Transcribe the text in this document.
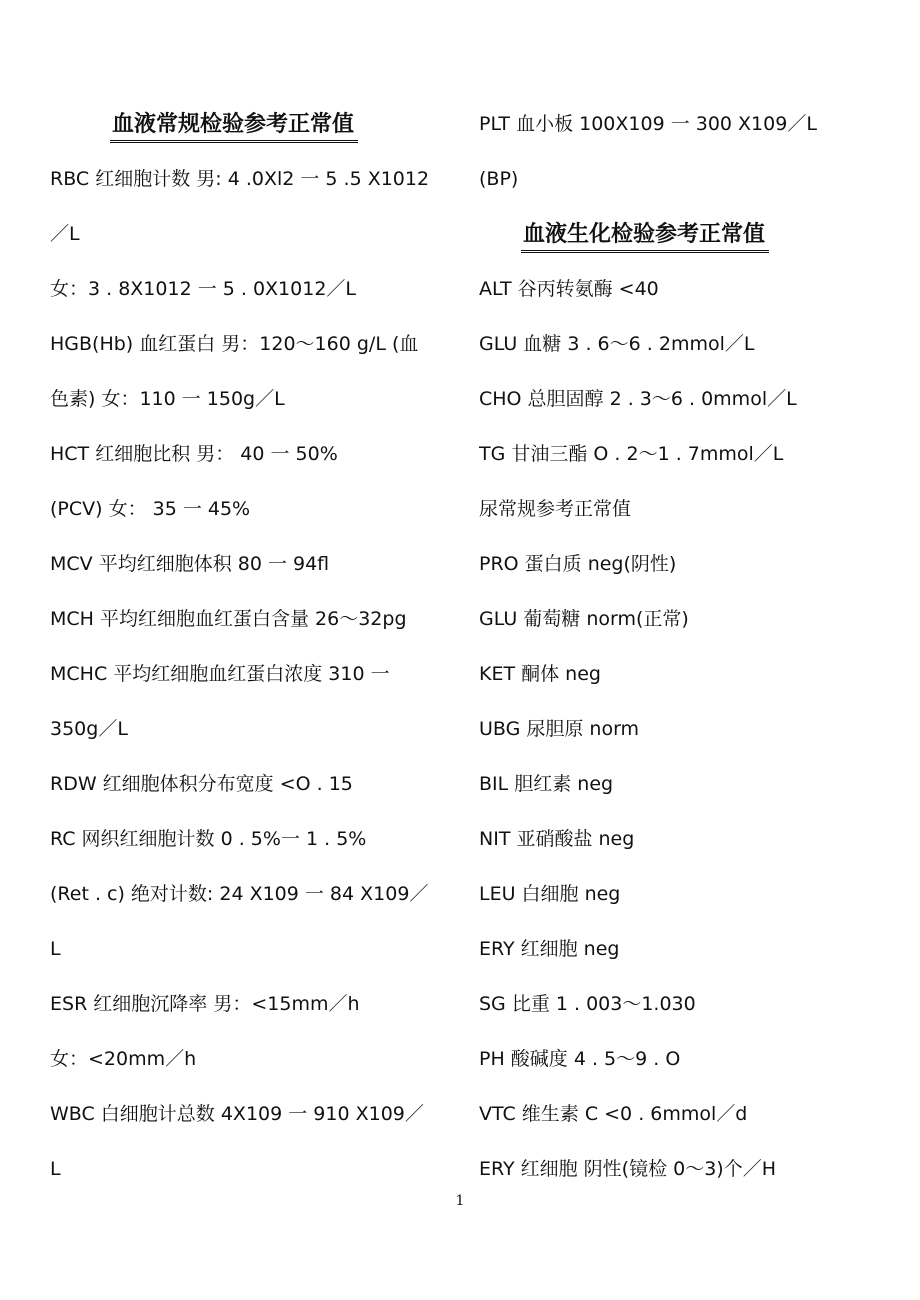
血液常规检验参考正常值
RBC 红细胞计数 男: 4 .0Xl2 一 5 .5 X1012
／L
女：3 . 8X1012 一 5 . 0X1012／L
HGB(Hb) 血红蛋白 男：120～160 g/L (血
色素) 女：110 一 150g／L
HCT 红细胞比积 男： 40 一 50%
(PCV) 女： 35 一 45%
MCV 平均红细胞体积 80 一 94fl
MCH 平均红细胞血红蛋白含量 26～32pg
MCHC 平均红细胞血红蛋白浓度 310 一
350g／L
RDW 红细胞体积分布宽度 <O . 15
RC 网织红细胞计数 0 . 5%一 1 . 5%
(Ret . c) 绝对计数: 24 X109 一 84 X109／
L
ESR 红细胞沉降率 男：<15mm／h
女：<20mm／h
WBC 白细胞计总数 4X109 一 910 X109／
L
PLT 血小板 100X109 一 300 X109／L
(BP)
血液生化检验参考正常值
ALT 谷丙转氨酶 <40
GLU 血糖 3 . 6～6 . 2mmol／L
CHO 总胆固醇 2 . 3～6 . 0mmol／L
TG 甘油三酯 O . 2～1 . 7mmol／L
尿常规参考正常值
PRO 蛋白质 neg(阴性)
GLU 葡萄糖 norm(正常)
KET 酮体 neg
UBG 尿胆原 norm
BIL 胆红素 neg
NIT 亚硝酸盐 neg
LEU 白细胞 neg
ERY 红细胞 neg
SG 比重 1 . 003～1.030
PH 酸碱度 4 . 5～9 . O
VTC 维生素 C <0 . 6mmol／d
ERY 红细胞 阴性(镜检 0～3)个／H
1
